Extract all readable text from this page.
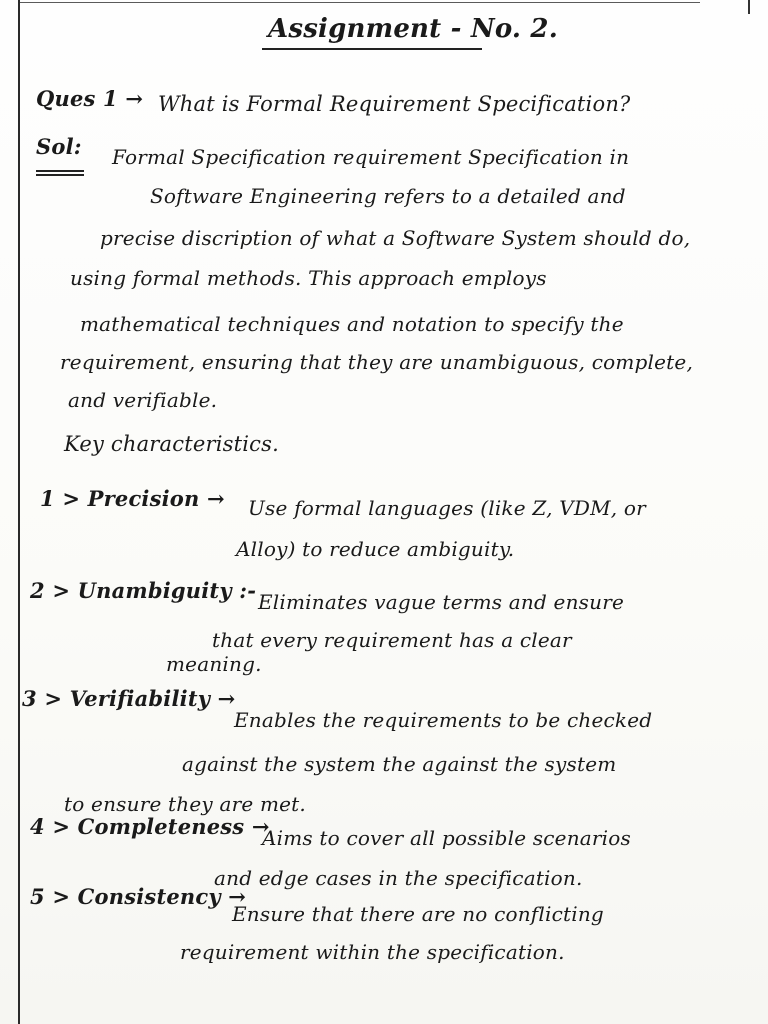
Assignment - No. 2.
Ques 1 → What is Formal Requirement Specification?
Sol: Formal Specification requirement Specification in
Software Engineering refers to a detailed and
precise discription of what a Software System should do,
using formal methods. This approach employs
mathematical techniques and notation to specify the
requirement, ensuring that they are unambiguous, complete,
and verifiable.
Key characteristics.
1 > Precision → Use formal languages (like Z, VDM, or
Alloy) to reduce ambiguity.
2 > Unambiguity :- Eliminates vague terms and ensure
that every requirement has a clear
meaning.
3 > Verifiability →
Enables the requirements to be checked
against the system the against the system
to ensure they are met.
4 > Completeness →
Aims to cover all possible scenarios
and edge cases in the specification.
5 > Consistency →
Ensure that there are no conflicting
requirement within the specification.
